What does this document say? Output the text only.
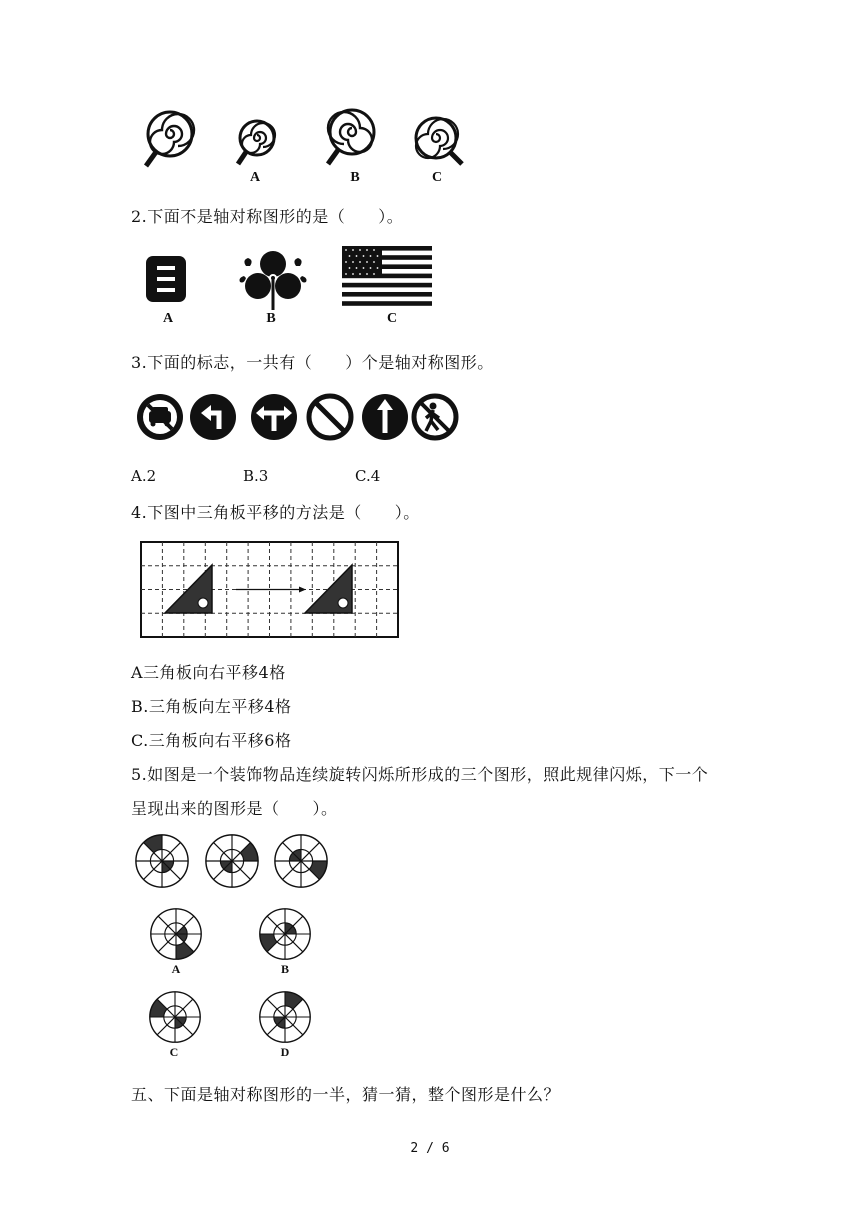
A	B	C
2.下面不是轴对称图形的是（　　）。
A	B	C
3.下面的标志，一共有（　　）个是轴对称图形。
A.2	B.3	C.4
4.下图中三角板平移的方法是（　　）。
A三角板向右平移4格
B.三角板向左平移4格
C.三角板向右平移6格
5.如图是一个装饰物品连续旋转闪烁所形成的三个图形，照此规律闪烁，下一个
呈现出来的图形是（　　）。
A	B
C	D
五、下面是轴对称图形的一半，猜一猜，整个图形是什么？
2 / 6
